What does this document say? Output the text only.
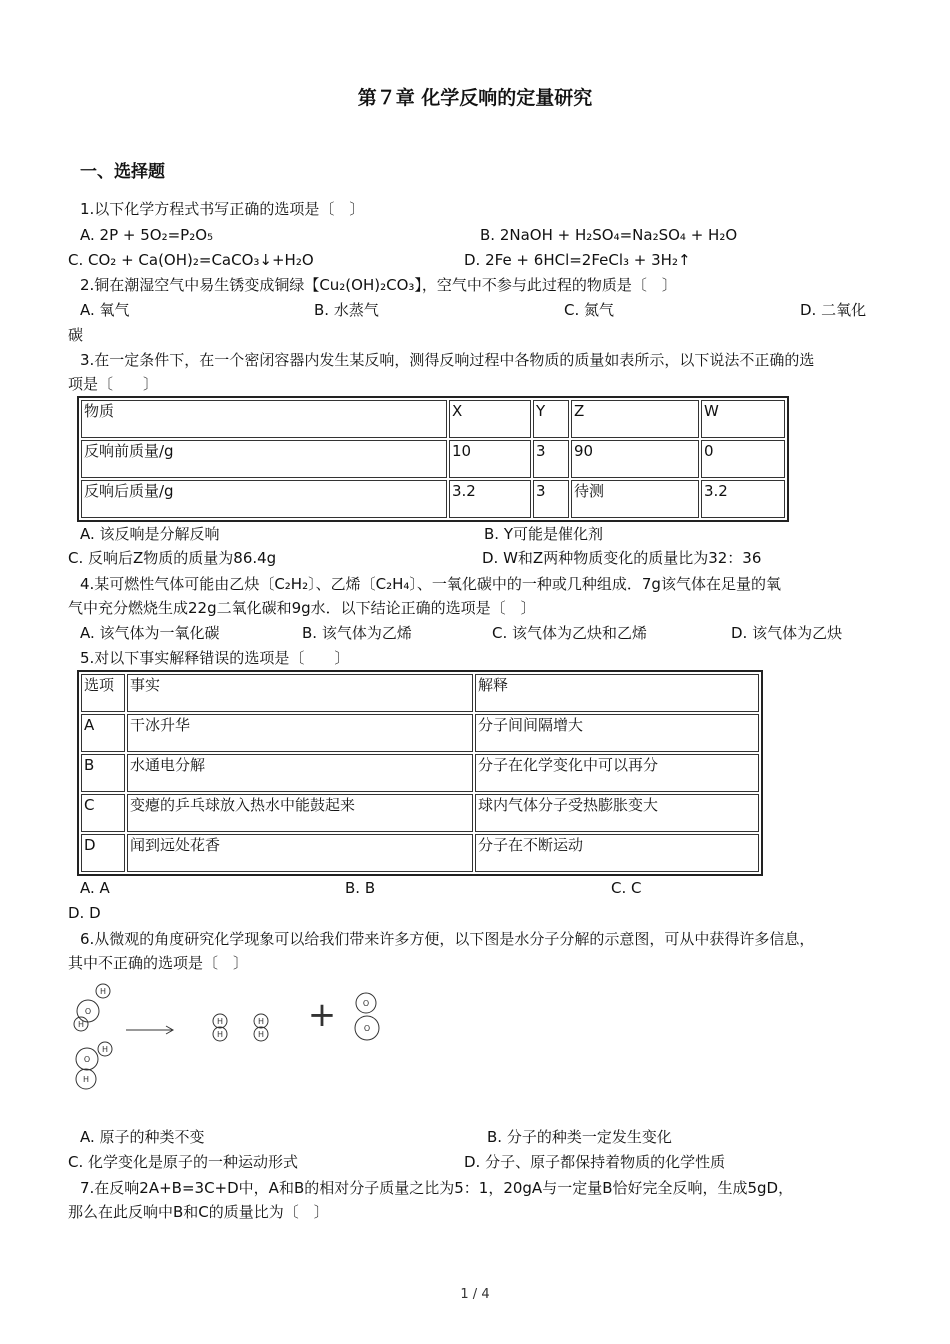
第７章 化学反响的定量研究
一、选择题
1.以下化学方程式书写正确的选项是〔　〕
A. 2P + 5O₂=P₂O₅	B. 2NaOH + H₂SO₄=Na₂SO₄ + H₂O
C. CO₂ + Ca(OH)₂=CaCO₃↓+H₂O	D. 2Fe + 6HCl=2FeCl₃ + 3H₂↑
2.铜在潮湿空气中易生锈变成铜绿【Cu₂(OH)₂CO₃】，空气中不参与此过程的物质是〔　〕
A. 氧气	B. 水蒸气	C. 氮气	D. 二氧化
碳
3.在一定条件下，在一个密闭容器内发生某反响，测得反响过程中各物质的质量如表所示，以下说法不正确的选
项是〔　　〕
物质	X	Y	Z	W
反响前质量/g	10	3	90	0
反响后质量/g	3.2	3	待测	3.2
A. 该反响是分解反响	B. Y可能是催化剂
C. 反响后Z物质的质量为86.4g	D. W和Z两种物质变化的质量比为32：36
4.某可燃性气体可能由乙炔〔C₂H₂〕、乙烯〔C₂H₄〕、一氧化碳中的一种或几种组成．7g该气体在足量的氧
气中充分燃烧生成22g二氧化碳和9g水．以下结论正确的选项是〔　〕
A. 该气体为一氧化碳	B. 该气体为乙烯	C. 该气体为乙炔和乙烯	D. 该气体为乙炔
5.对以下事实解释错误的选项是〔　　〕
选项	事实	解释
A	干冰升华	分子间间隔增大
B	水通电分解	分子在化学变化中可以再分
C	变瘪的乒乓球放入热水中能鼓起来	球内气体分子受热膨胀变大
D	闻到远处花香	分子在不断运动
A. A	B. B	C. C
D. D
6.从微观的角度研究化学现象可以给我们带来许多方便，以下图是水分子分解的示意图，可从中获得许多信息，
其中不正确的选项是〔　〕
O
H
H
O
H
H
H
H
H
H
O
O
+
A. 原子的种类不变	B. 分子的种类一定发生变化
C. 化学变化是原子的一种运动形式	D. 分子、原子都保持着物质的化学性质
7.在反响2A+B=3C+D中，A和B的相对分子质量之比为5：1，20gA与一定量B恰好完全反响，生成5gD，
那么在此反响中B和C的质量比为〔　〕
1 / 4
